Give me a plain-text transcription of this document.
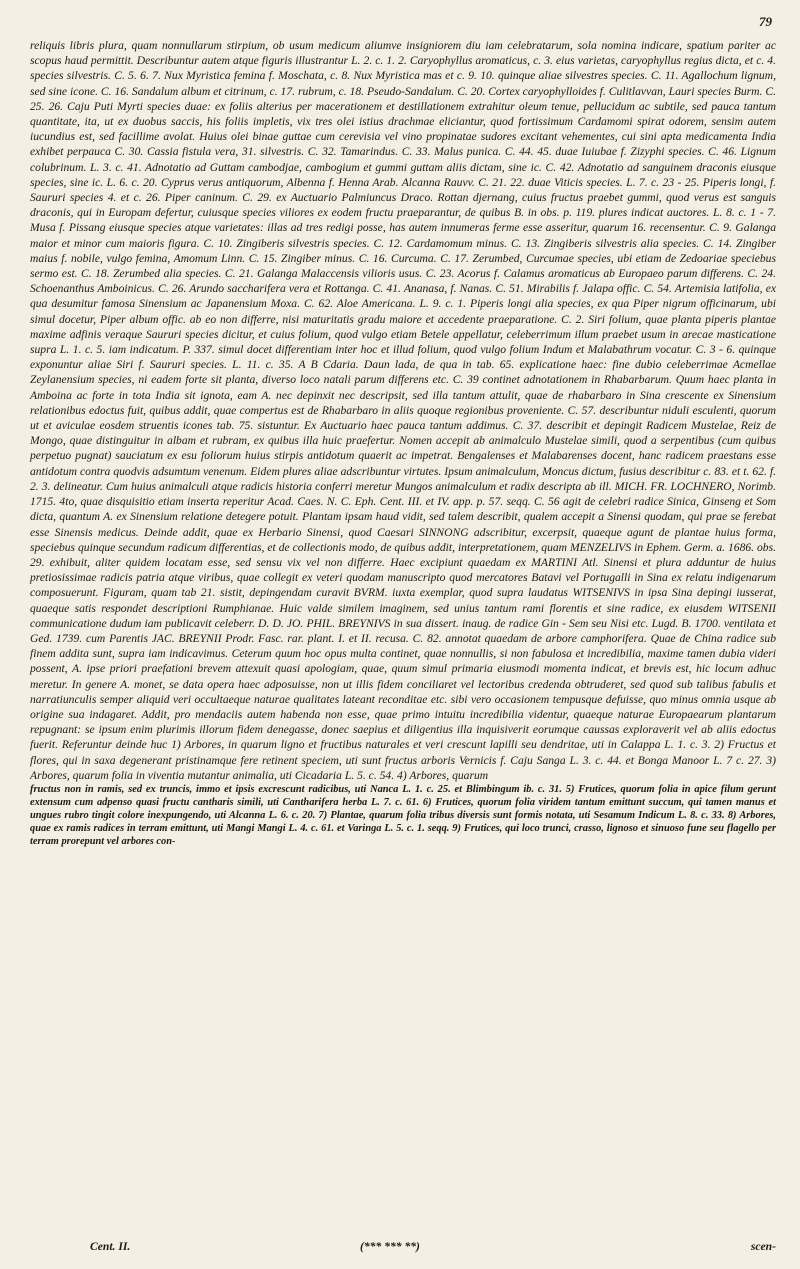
79

reliquis libris plura, quam nonnullarum stirpium, ob usum medicum aliumve insigniorem diu iam celebratarum, sola nomina indicare, spatium pariter ac scopus haud permittit. Describuntur autem atque figuris illustrantur L. 2. c. 1. 2. Caryophyllus aromaticus, c. 3. eius varietas, caryophyllus regius dicta, et c. 4. species silvestris. C. 5. 6. 7. Nux Myristica femina f. Moschata, c. 8. Nux Myristica mas et c. 9. 10. quinque aliae silvestres species. C. 11. Agallochum lignum, sed sine icone. C. 16. Sandalum album et citrinum, c. 17. rubrum, c. 18. Pseudo-Sandalum. C. 20. Cortex caryophylloides f. Culitlavvan, Lauri species Burm. C. 25. 26. Caju Puti Myrti species duae: ex foliis alterius per macerationem et destillationem extrahitur oleum tenue, pellucidum ac subtile, sed pauca tantum quantitate, ita, ut ex duobus saccis, his foliis impletis, vix tres olei istius drachmae eliciantur, quod fortissimum Cardamomi spirat odorem, sensim autem iucundius est, sed facillime avolat. Huius olei binae guttae cum cerevisia vel vino propinatae sudores excitant vehementes, cui sini apta medicamenta India exhibet perpauca C. 30. Cassia fistula vera, 31. silvestris. C. 32. Tamarindus. C. 33. Malus punica. C. 44. 45. duae Iuiubae f. Zizyphi species. C. 46. Lignum colubrinum. L. 3. c. 41. Adnotatio ad Guttam cambodjae, cambogium et gummi guttam aliis dictam, sine ic. C. 42. Adnotatio ad sanguinem draconis eiusque species, sine ic. L. 6. c. 20. Cyprus verus antiquorum, Albenna f. Henna Arab. Alcanna Rauvv. C. 21. 22. duae Viticis species. L. 7. c. 23 - 25. Piperis longi, f. Saururi species 4. et c. 26. Piper caninum. C. 29. ex Auctuario Palmiuncus Draco. Rottan djernang, cuius fructus praebet gummi, quod verus est sanguis draconis, qui in Europam defertur, cuiusque species viliores ex eodem fructu praeparantur, de quibus B. in obs. p. 119. plures indicat auctores. L. 8. c. 1 - 7. Musa f. Pissang eiusque species atque varietates: illas ad tres redigi posse, has autem innumeras ferme esse asseritur, quarum 16. recensentur. C. 9. Galanga maior et minor cum maioris figura. C. 10. Zingiberis silvestris species. C. 12. Cardamomum minus. C. 13. Zingiberis silvestris alia species. C. 14. Zingiber maius f. nobile, vulgo femina, Amomum Linn. C. 15. Zingiber minus. C. 16. Curcuma. C. 17. Zerumbed, Curcumae species, ubi etiam de Zedoariae speciebus sermo est. C. 18. Zerumbed alia species. C. 21. Galanga Malaccensis vilioris usus. C. 23. Acorus f. Calamus aromaticus ab Europaeo parum differens. C. 24. Schoenanthus Amboinicus. C. 26. Arundo saccharifera vera et Rottanga. C. 41. Ananasa, f. Nanas. C. 51. Mirabilis f. Jalapa offic. C. 54. Artemisia latifolia, ex qua desumitur famosa Sinensium ac Japanensium Moxa. C. 62. Aloe Americana. L. 9. c. 1. Piperis longi alia species, ex qua Piper nigrum officinarum, ubi simul docetur, Piper album offic. ab eo non differre, nisi maturitatis gradu maiore et accedente praeparatione. C. 2. Siri folium, quae planta piperis plantae maxime adfinis veraque Saururi species dicitur, et cuius folium, quod vulgo etiam Betele appellatur, celeberrimum illum praebet usum in arecae masticatione supra L. 1. c. 5. iam indicatum. P. 337. simul docet differentiam inter hoc et illud folium, quod vulgo folium Indum et Malabathrum vocatur. C. 3 - 6. quinque exponuntur aliae Siri f. Saururi species. L. 11. c. 35. A B Cdaria. Daun lada, de qua in tab. 65. explicatione haec: fine dubio celeberrimae Acmellae Zeylanensium species, ni eadem forte sit planta, diverso loco natali parum differens etc. C. 39 continet adnotationem in Rhabarbarum. Quum haec planta in Amboina ac forte in tota India sit ignota, eam A. nec depinxit nec descripsit, sed illa tantum attulit, quae de rhabarbaro in Sina crescente ex Sinensium relationibus edoctus fuit, quibus addit, quae compertus est de Rhabarbaro in aliis quoque regionibus proveniente. C. 57. describuntur niduli esculenti, quorum ut et aviculae eosdem struentis icones tab. 75. sistuntur. Ex Auctuario haec pauca tantum addimus. C. 37. describit et depingit Radicem Mustelae, Reiz de Mongo, quae distinguitur in albam et rubram, ex quibus illa huic praefertur. Nomen accepit ab animalculo Mustelae simili, quod a serpentibus (cum quibus perpetuo pugnat) sauciatum ex esu foliorum huius stirpis antidotum quaerit ac impetrat. Bengalenses et Malabarenses docent, hanc radicem praestans esse antidotum contra quodvis adsumtum venenum. Eidem plures aliae adscribuntur virtutes. Ipsum animalculum, Moncus dictum, fusius describitur c. 83. et t. 62. f. 2. 3. delineatur. Cum huius animalculi atque radicis historia conferri meretur Mungos animalculum et radix descripta ab ill. MICH. FR. LOCHNERO, Norimb. 1715. 4to, quae disquisitio etiam inserta reperitur Acad. Caes. N. C. Eph. Cent. III. et IV. app. p. 57. seqq. C. 56 agit de celebri radice Sinica, Ginseng et Som dicta, quantum A. ex Sinensium relatione detegere potuit. Plantam ipsam haud vidit, sed talem describit, qualem accepit a Sinensi quodam, qui prae se ferebat esse Sinensis medicus. Deinde addit, quae ex Herbario Sinensi, quod Caesari SINNONG adscribitur, excerpsit, quaeque agunt de plantae huius forma, speciebus quinque secundum radicum differentias, et de collectionis modo, de quibus addit, interpretationem, quam MENZELIVS in Ephem. Germ. a. 1686. obs. 29. exhibuit, aliter quidem locatam esse, sed sensu vix vel non differre. Haec excipiunt quaedam ex MARTINI Atl. Sinensi et plura adduntur de huius pretiosissimae radicis patria atque viribus, quae collegit ex veteri quodam manuscripto quod mercatores Batavi vel Portugalli in Sina ex relatu indigenarum composuerunt. Figuram, quam tab 21. sistit, depingendam curavit BVRM. iuxta exemplar, quod supra laudatus WITSENIVS in ipsa Sina depingi iusserat, quaeque satis respondet descriptioni Rumphianae. Huic valde similem imaginem, sed unius tantum rami florentis et sine radice, ex eiusdem WITSENII communicatione dudum iam publicavit celeberr. D. D. JO. PHIL. BREYNIVS in sua dissert. inaug. de radice Gin - Sem seu Nisi etc. Lugd. B. 1700. ventilata et Ged. 1739. cum Parentis JAC. BREYNII Prodr. Fasc. rar. plant. I. et II. recusa. C. 82. annotat quaedam de arbore camphorifera. Quae de China radice sub finem addita sunt, supra iam indicavimus. Ceterum quum hoc opus multa continet, quae nonnullis, si non fabulosa et incredibilia, maxime tamen dubia videri possent, A. ipse priori praefationi brevem attexuit quasi apologiam, quae, quum simul primaria eiusmodi momenta indicat, et brevis est, hic locum adhuc meretur. In genere A. monet, se data opera haec adposuisse, non ut illis fidem conciliaret vel lectoribus credenda obtruderet, sed quod sub talibus fabulis et narratiunculis semper aliquid veri occultaeque naturae qualitates lateant reconditae etc. sibi vero occasionem tempusque defuisse, quo minus omnia usque ab origine sua indagaret. Addit, pro mendaciis autem habenda non esse, quae primo intuitu incredibilia videntur, quaeque naturae Europaearum plantarum repugnant: se ipsum enim plurimis illorum fidem denegasse, donec saepius et diligentius illa inquisiverit eorumque caussas exploraverit vel ab aliis edoctus fuerit. Referuntur deinde huc 1) Arbores, in quarum ligno et fructibus naturales et veri crescunt lapilli seu dendritae, uti in Calappa L. 1. c. 3. 2) Fructus et flores, qui in saxa degenerant pristinamque fere retinent speciem, uti sunt fructus arboris Vernicis f. Caju Sanga L. 3. c. 44. et Bonga Manoor L. 7 c. 27. 3) Arbores, quarum folia in viventia mutantur animalia, uti Cicadaria L. 5. c. 54. 4) Arbores, quarum

fructus non in ramis, sed ex truncis, immo et ipsis excrescunt radicibus, uti Nanca L. 1. c. 25. et Blimbingum ib. c. 31. 5) Frutices, quorum folia in apice filum gerunt extensum cum adpenso quasi fructu cantharis simili, uti Cantharifera herba L. 7. c. 61. 6) Frutices, quorum folia viridem tantum emittunt succum, qui tamen manus et ungues rubro tingit colore inexpungendo, uti Alcanna L. 6. c. 20. 7) Plantae, quarum folia tribus diversis sunt formis notata, uti Sesamum Indicum L. 8. c. 33. 8) Arbores, quae ex ramis radices in terram emittunt, uti Mangi Mangi L. 4. c. 61. et Varinga L. 5. c. 1. seqq. 9) Frutices, qui loco trunci, crasso, lignoso et sinuoso fune seu flagello per terram prorepunt vel arbores con-

Cent. II.	(*** *** **)	scen-
